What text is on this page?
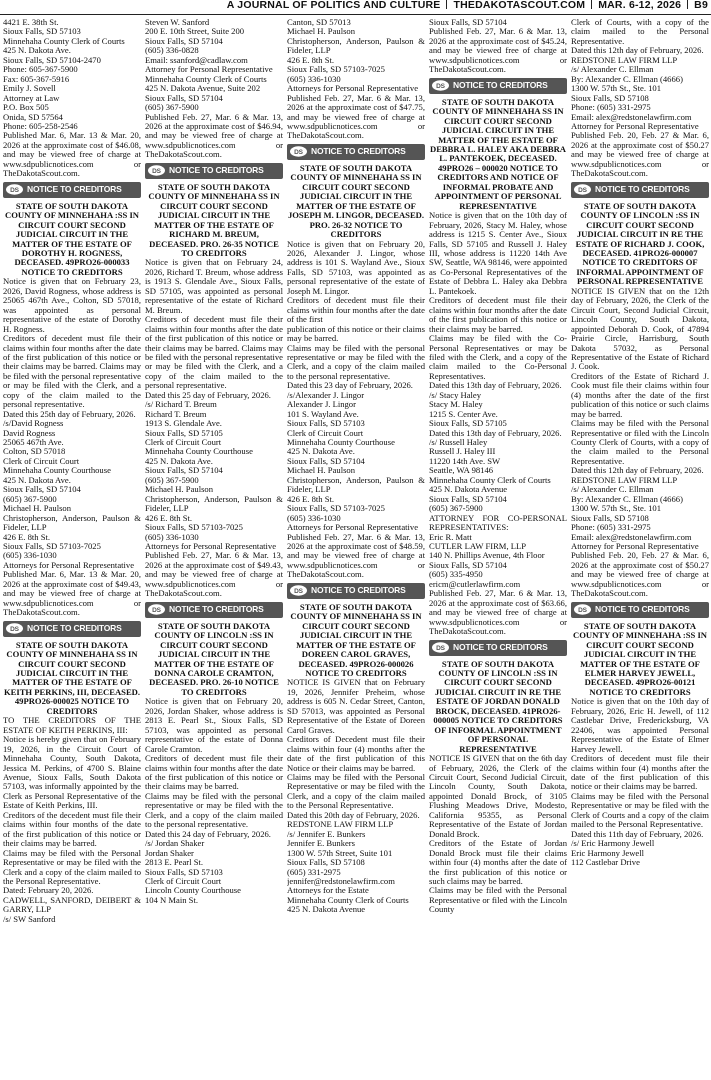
A JOURNAL OF POLITICS AND CULTURE THEDAKOTASCOUT.COM MAR. 6-12, 2026 B9

4421 E. 38th St.

Sioux Falls, SD 57103

Minnehaha County Clerk of Courts

425 N. Dakota Ave.

Sioux Falls, SD 57104-2470

Phone: 605-367-5900

Fax: 605-367-5916

Emily J. Sovell

Attorney at Law

P.O. Box 505

Onida, SD 57564

Phone: 605-258-2546

Published Mar. 6, Mar. 13 & Mar. 20, 2026 at the approximate cost of $46.08, and may be viewed free of charge at www.sdpublicnotices.com or TheDakotaScout.com.

DS NOTICE TO CREDITORS

STATE OF SOUTH DAKOTA COUNTY OF MINNEHAHA :SS IN CIRCUIT COURT SECOND JUDICIAL CIRCUIT IN THE MATTER OF THE ESTATE OF DOROTHY H. ROGNESS, DECEASED. 49PRO26-000033 NOTICE TO CREDITORS

Notice is given that on February 23, 2026, David Rogness, whose address is 25065 467th Ave., Colton, SD 57018, was appointed as personal representative of the estate of Dorothy H. Rogness.

Creditors of decedent must file their claims within four months after the date of the first publication of this notice or their claims may be barred. Claims may be filed with the personal representative or may be filed with the Clerk, and a copy of the claim mailed to the personal representative.

Dated this 25th day of February, 2026.

/s/David Rogness

David Rogness

25065 467th Ave.

Colton, SD 57018

Clerk of Circuit Court

Minnehaha County Courthouse

425 N. Dakota Ave.

Sioux Falls, SD 57104

(605) 367-5900

Michael H. Paulson

Christopherson, Anderson, Paulson & Fideler, LLP

426 E. 8th St.

Sioux Falls, SD 57103-7025

(605) 336-1030

Attorneys for Personal Representative

Published Mar. 6, Mar. 13 & Mar. 20, 2026 at the approximate cost of $49.43, and may be viewed free of charge at www.sdpublicnotices.com or TheDakotaScout.com.

DS NOTICE TO CREDITORS

STATE OF SOUTH DAKOTA COUNTY OF MINNEHAHA SS IN CIRCUIT COURT SECOND JUDICIAL CIRCUIT IN THE MATTER OF THE ESTATE OF KEITH PERKINS, III, DECEASED. 49PRO26-000025 NOTICE TO CREDITORS

TO THE CREDITORS OF THE ESTATE OF KEITH PERKINS, III:

Notice is hereby given that on February 19, 2026, in the Circuit Court of Minnehaha County, South Dakota, Jessica M. Perkins, of 4700 S. Blaine Avenue, Sioux Falls, South Dakota 57103, was informally appointed by the Clerk as Personal Representative of the Estate of Keith Perkins, III.

Creditors of the decedent must file their claims within four months of the date of the first publication of this notice or their claims may be barred.

Claims may be filed with the Personal Representative or may be filed with the Clerk and a copy of the claim mailed to the Personal Representative.

Dated: February 20, 2026.

CADWELL, SANFORD, DEIBERT & GARRY, LLP

/s/ SW Sanford

Steven W. Sanford

200 E. 10th Street, Suite 200

Sioux Falls, SD 57104

(605) 336-0828

Email: ssanford@cadlaw.com

Attorney for Personal Representative

Minnehaha County Clerk of Courts

425 N. Dakota Avenue, Suite 202

Sioux Falls, SD 57104

(605) 367-5900

Published Feb. 27, Mar. 6 & Mar. 13, 2026 at the approximate cost of $46.94, and may be viewed free of charge at www.sdpublicnotices.com or TheDakotaScout.com.

DS NOTICE TO CREDITORS

STATE OF SOUTH DAKOTA COUNTY OF MINNEHAHA SS IN CIRCUIT COURT SECOND JUDICIAL CIRCUIT IN THE MATTER OF THE ESTATE OF RICHARD M. BREUM, DECEASED. PRO. 26-35 NOTICE TO CREDITORS

Notice is given that on February 24, 2026, Richard T. Breum, whose address is 1913 S. Glendale Ave., Sioux Falls, SD 57105, was appointed as personal representative of the estate of Richard M. Breum.

Creditors of decedent must file their claims within four months after the date of the first publication of this notice or their claims may be barred. Claims may be filed with the personal representative or may be filed with the Clerk, and a copy of the claim mailed to the personal representative.

Dated this 25 day of February, 2026.

/s/ Richard T. Breum

Richard T. Breum

1913 S. Glendale Ave.

Sioux Falls, SD 57105

Clerk of Circuit Court

Minnehaha County Courthouse

425 N. Dakota Ave.

Sioux Falls, SD 57104

(605) 367-5900

Michael H. Paulson

Christopherson, Anderson, Paulson & Fideler, LLP

426 E. 8th St.

Sioux Falls, SD 57103-7025

(605) 336-1030

Attorneys for Personal Representative

Published Feb. 27, Mar. 6 & Mar. 13, 2026 at the approximate cost of $49.43, and may be viewed free of charge at www.sdpublicnotices.com or TheDakotaScout.com.

DS NOTICE TO CREDITORS

STATE OF SOUTH DAKOTA COUNTY OF LINCOLN :SS IN CIRCUIT COURT SECOND JUDICIAL CIRCUIT IN THE MATTER OF THE ESTATE OF DONNA CAROLE CRAMTON, DECEASED. PRO. 26-10 NOTICE TO CREDITORS

Notice is given that on February 20, 2026, Jordan Shaker, whose address is 2813 E. Pearl St., Sioux Falls, SD 57103, was appointed as personal representative of the estate of Donna Carole Cramton.

Creditors of decedent must file their claims within four months after the date of the first publication of this notice or their claims may be barred.

Claims may be filed with the personal representative or may be filed with the Clerk, and a copy of the claim mailed to the personal representative.

Dated this 24 day of February, 2026.

/s/ Jordan Shaker

Jordan Shaker

2813 E. Pearl St.

Sioux Falls, SD 57103

Clerk of Circuit Court

Lincoln County Courthouse

104 N Main St.

Canton, SD 57013

Michael H. Paulson

Christopherson, Anderson, Paulson & Fideler, LLP

426 E. 8th St.

Sioux Falls, SD 57103-7025

(605) 336-1030

Attorneys for Personal Representative

Published Feb. 27, Mar. 6 & Mar. 13, 2026 at the approximate cost of $47.75, and may be viewed free of charge at www.sdpublicnotices.com or TheDakotaScout.com.

DS NOTICE TO CREDITORS

STATE OF SOUTH DAKOTA COUNTY OF MINNEHAHA SS IN CIRCUIT COURT SECOND JUDICIAL CIRCUIT IN THE MATTER OF THE ESTATE OF JOSEPH M. LINGOR, DECEASED. PRO. 26-32 NOTICE TO CREDITORS

Notice is given that on February 20, 2026, Alexander J. Lingor, whose address is 101 S. Wayland Ave., Sioux Falls, SD 57103, was appointed as personal representative of the estate of Joseph M. Lingor.

Creditors of decedent must file their claims within four months after the date of the first

publication of this notice or their claims may be barred.

Claims may be filed with the personal representative or may be filed with the Clerk, and a copy of the claim mailed to the personal representative.

Dated this 23 day of February, 2026.

/s/Alexander J. Lingor

Alexander J. Lingor

101 S. Wayland Ave.

Sioux Falls, SD 57103

Clerk of Circuit Court

Minnehaha County Courthouse

425 N. Dakota Ave.

Sioux Falls, SD 57104

Michael H. Paulson

Christopherson, Anderson, Paulson & Fideler, LLP

426 E. 8th St.

Sioux Falls, SD 57103-7025

(605) 336-1030

Attorneys for Personal Representative

Published Feb. 27, Mar. 6 & Mar. 13, 2026 at the approximate cost of $48.59, and may be viewed free of charge at www.sdpublicnotices.com or TheDakotaScout.com.

DS NOTICE TO CREDITORS

STATE OF SOUTH DAKOTA COUNTY OF MINNEHAHA SS IN CIRCUIT COURT SECOND JUDICIAL CIRCUIT IN THE MATTER OF THE ESTATE OF DOREEN CAROL GRAVES, DECEASED. 49PRO26-000026 NOTICE TO CREDITORS

NOTICE IS GIVEN that on February 19, 2026, Jennifer Preheim, whose address is 605 N. Cedar Street, Canton, SD 57013, was appointed as Personal Representative of the Estate of Doreen Carol Graves.

Creditors of Decedent must file their claims within four (4) months after the date of the first publication of this Notice or their claims may be barred.

Claims may be filed with the Personal Representative or may be filed with the Clerk, and a copy of the claim mailed to the Personal Representative.

Dated this 20th day of February, 2026.

REDSTONE LAW FIRM LLP

/s/ Jennifer E. Bunkers

Jennifer E. Bunkers

1300 W. 57th Street, Suite 101

Sioux Falls, SD 57108

(605) 331-2975

jennifer@redstonelawfirm.com

Attorneys for the Estate

Minnehaha County Clerk of Courts

425 N. Dakota Avenue

Sioux Falls, SD 57104

Published Feb. 27, Mar. 6 & Mar. 13, 2026 at the approximate cost of $45.24, and may be viewed free of charge at www.sdpublicnotices.com or TheDakotaScout.com.

DS NOTICE TO CREDITORS

STATE OF SOUTH DAKOTA COUNTY OF MINNEHAHA SS IN CIRCUIT COURT SECOND JUDICIAL CIRCUIT IN THE MATTER OF THE ESTATE OF DEBBRA L. HALEY AKA DEBBRA L. PANTEKOEK, DECEASED. 49PRO26 – 000020 NOTICE TO CREDITORS AND NOTICE OF INFORMAL PROBATE AND APPOINTMENT OF PERSONAL REPRESENTATIVE

Notice is given that on the 10th day of February, 2026, Stacy M. Haley, whose address is 1215 S. Center Ave., Sioux Falls, SD 57105 and Russell J. Haley III, whose address is 11220 14th Ave SW, Seattle, WA 98146, were appointed as Co-Personal Representatives of the Estate of Debbra L. Haley aka Debbra L. Pantekoek.

Creditors of decedent must file their claims within four months after the date of the first publication of this notice or their claims may be barred.

Claims may be filed with the Co-Personal Representatives or may be filed with the Clerk, and a copy of the claim mailed to the Co-Personal Representatives.

Dated this 13th day of February, 2026.

/s/ Stacy Haley

Stacy M. Haley

1215 S. Center Ave.

Sioux Falls, SD 57105

Dated this 13th day of February, 2026.

/s/ Russell Haley

Russell J. Haley III

11220 14th Ave. SW

Seattle, WA 98146

Minnehaha County Clerk of Courts

425 N. Dakota Avenue

Sioux Falls, SD 57104

(605) 367-5900

ATTORNEY FOR CO-PERSONAL REPRESENTATIVES:

Eric R. Matt

CUTLER LAW FIRM, LLP

140 N. Phillips Avenue, 4th Floor

Sioux Falls, SD 57104

(605) 335-4950

ericm@cutlerlawfirm.com

Published Feb. 27, Mar. 6 & Mar. 13, 2026 at the approximate cost of $63.66, and may be viewed free of charge at www.sdpublicnotices.com or TheDakotaScout.com.

DS NOTICE TO CREDITORS

STATE OF SOUTH DAKOTA COUNTY OF LINCOLN :SS IN CIRCUIT COURT SECOND JUDICIAL CIRCUIT IN RE THE ESTATE OF JORDAN DONALD BROCK, DECEASED. 41PRO26-000005 NOTICE TO CREDITORS OF INFORMAL APPOINTMENT OF PERSONAL REPRESENTATIVE

NOTICE IS GIVEN that on the 6th day of February, 2026, the Clerk of the Circuit Court, Second Judicial Circuit, Lincoln County, South Dakota, appointed Donald Brock, of 3105 Flushing Meadows Drive, Modesto, California 95355, as Personal Representative of the Estate of Jordan Donald Brock.

Creditors of the Estate of Jordan Donald Brock must file their claims within four (4) months after the date of the first publication of this notice or such claims may be barred.

Claims may be filed with the Personal Representative or filed with the Lincoln County

Clerk of Courts, with a copy of the claim mailed to the Personal Representative.

Dated this 12th day of February, 2026.

REDSTONE LAW FIRM LLP

/s/ Alexander C. Ellman

By: Alexander C. Ellman (4666)

1300 W. 57th St., Ste. 101

Sioux Falls, SD 57108

Phone: (605) 331-2975

Email: alex@redstonelawfirm.com

Attorney for Personal Representative

Published Feb. 20, Feb. 27 & Mar. 6, 2026 at the approximate cost of $50.27 and may be viewed free of charge at www.sdpublicnotices.com or TheDakotaScout.com.

DS NOTICE TO CREDITORS

STATE OF SOUTH DAKOTA COUNTY OF LINCOLN :SS IN CIRCUIT COURT SECOND JUDICIAL CIRCUIT IN RE THE ESTATE OF RICHARD J. COOK, DECEASED. 41PRO26-000007 NOTICE TO CREDITORS OF INFORMAL APPOINTMENT OF PERSONAL REPRESENTATIVE

NOTICE IS GIVEN that on the 12th day of February, 2026, the Clerk of the Circuit Court, Second Judicial Circuit, Lincoln County, South Dakota, appointed Deborah D. Cook, of 47894 Prairie Circle, Harrisburg, South Dakota 57032, as Personal Representative of the Estate of Richard J. Cook.

Creditors of the Estate of Richard J. Cook must file their claims within four (4) months after the date of the first publication of this notice or such claims may be barred.

Claims may be filed with the Personal Representative or filed with the Lincoln County Clerk of Courts, with a copy of the claim mailed to the Personal Representative.

Dated this 12th day of February, 2026.

REDSTONE LAW FIRM LLP

/s/ Alexander C. Ellman

By: Alexander C. Ellman (4666)

1300 W. 57th St., Ste. 101

Sioux Falls, SD 57108

Phone: (605) 331-2975

Email: alex@redstonelawfirm.com

Attorney for Personal Representative

Published Feb. 20, Feb. 27 & Mar. 6, 2026 at the approximate cost of $50.27 and may be viewed free of charge at www.sdpublicnotices.com or TheDakotaScout.com.

DS NOTICE TO CREDITORS

STATE OF SOUTH DAKOTA COUNTY OF MINNEHAHA :SS IN CIRCUIT COURT SECOND JUDICIAL CIRCUIT IN THE MATTER OF THE ESTATE OF ELMER HARVEY JEWELL, DECEASED. 49PRO26-00121 NOTICE TO CREDITORS

Notice is given that on the 10th day of February, 2026, Eric H. Jewell, of 112 Castlebar Drive, Fredericksburg, VA 22406, was appointed Personal Representative of the Estate of Elmer Harvey Jewell.

Creditors of decedent must file their claims within four (4) months after the date of the first publication of this notice or their claims may be barred.

Claims may be filed with the Personal Representative or may be filed with the Clerk of Courts and a copy of the claim mailed to the Personal Representative.

Dated this 11th day of February, 2026.

/s/ Eric Harmony Jewell

Eric Harmony Jewell

112 Castlebar Drive
